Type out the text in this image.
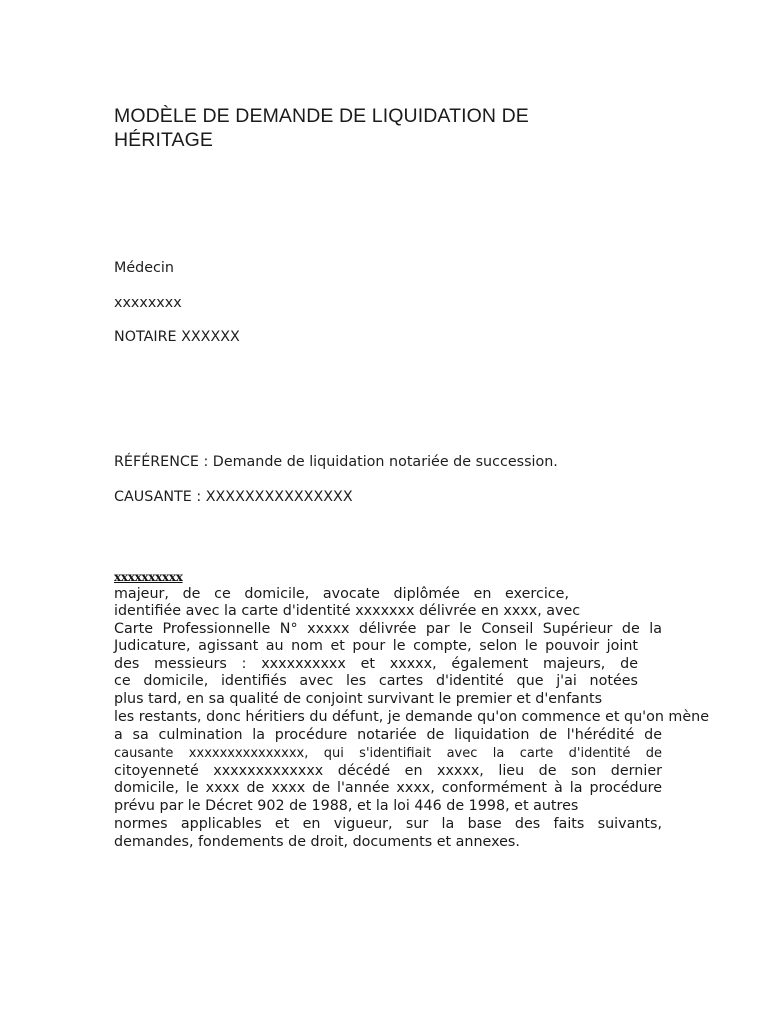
MODÈLE DE DEMANDE DE LIQUIDATION DE
HÉRITAGE
Médecin
xxxxxxxx
NOTAIRE XXXXXX
RÉFÉRENCE : Demande de liquidation notariée de succession.
CAUSANTE : XXXXXXXXXXXXXXX
xxxxxxxxxx
majeur, de ce domicile, avocate diplômée en exercice,
identifiée avec la carte d'identité xxxxxxx délivrée en xxxx, avec
Carte Professionnelle N° xxxxx délivrée par le Conseil Supérieur de la
Judicature, agissant au nom et pour le compte, selon le pouvoir joint
des messieurs : xxxxxxxxxx et xxxxx, également majeurs, de
ce domicile, identifiés avec les cartes d'identité que j'ai notées
plus tard, en sa qualité de conjoint survivant le premier et d'enfants
les restants, donc héritiers du défunt, je demande qu'on commence et qu'on mène
a sa culmination la procédure notariée de liquidation de l'hérédité de
causante xxxxxxxxxxxxxxx, qui s'identifiait avec la carte d'identité de
citoyenneté xxxxxxxxxxxxx décédé en xxxxx, lieu de son dernier
domicile, le xxxx de xxxx de l'année xxxx, conformément à la procédure
prévu par le Décret 902 de 1988, et la loi 446 de 1998, et autres
normes applicables et en vigueur, sur la base des faits suivants,
demandes, fondements de droit, documents et annexes.
